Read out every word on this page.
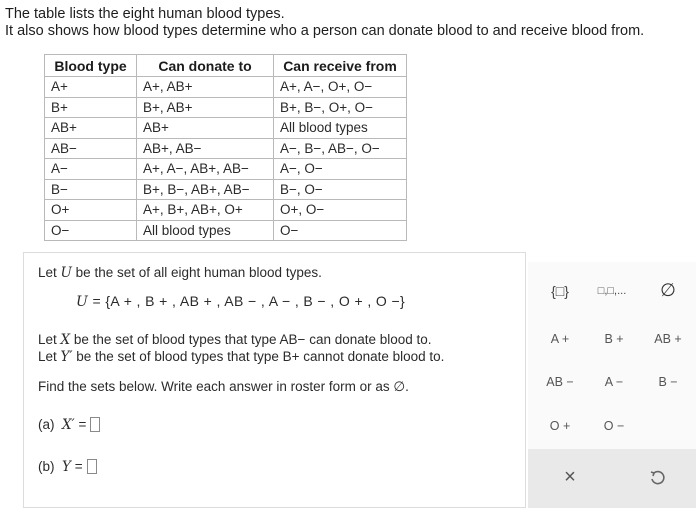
The table lists the eight human blood types.
It also shows how blood types determine who a person can donate blood to and receive blood from.
Blood type	Can donate to	Can receive from
A+	A+, AB+	A+, A−, O+, O−
B+	B+, AB+	B+, B−, O+, O−
AB+	AB+	All blood types
AB−	AB+, AB−	A−, B−, AB−, O−
A−	A+, A−, AB+, AB−	A−, O−
B−	B+, B−, AB+, AB−	B−, O−
O+	A+, B+, AB+, O+	O+, O−
O−	All blood types	O−
Let U be the set of all eight human blood types.
U = {A + , B + , AB + , AB − , A − , B − , O + , O −}
Let X be the set of blood types that type AB− can donate blood to.
Let Y′ be the set of blood types that type B+ cannot donate blood to.
Find the sets below. Write each answer in roster form or as ∅.
(a) X′ =
(b) Y =
{□}	□,□,...	∅
A +	B +	AB +
AB −	A −	B −
O +	O −
×
